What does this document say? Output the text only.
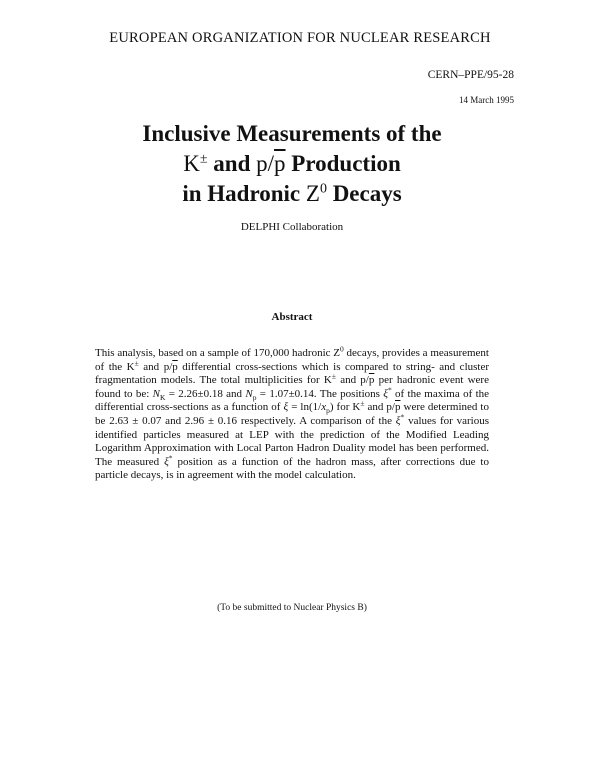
EUROPEAN ORGANIZATION FOR NUCLEAR RESEARCH
CERN–PPE/95-28
14 March 1995
Inclusive Measurements of the
K± and $p/\overline{p}$ Production
in Hadronic $Z^0$ Decays
DELPHI Collaboration
Abstract
This analysis, based on a sample of 170,000 hadronic $Z^0$ decays, provides a measurement of the K± and $p/\overline{p}$ differential cross-sections which is compared to string- and cluster fragmentation models. The total multiplicities for K± and $p/\overline{p}$ per hadronic event were found to be: $N_K = 2.26\pm 0.18$ and $N_p = 1.07\pm 0.14$. The positions ξ* of the maxima of the differential cross-sections as a function of $\xi = \ln(1/x_p)$ for K± and $p/\overline{p}$ were determined to be 2.63 ± 0.07 and 2.96 ± 0.16 respectively. A comparison of the ξ* values for various identified particles measured at LEP with the prediction of the Modified Leading Logarithm Approximation with Local Parton Hadron Duality model has been performed. The measured ξ* position as a function of the hadron mass, after corrections due to particle decays, is in agreement with the model calculation.
(To be submitted to Nuclear Physics B)
